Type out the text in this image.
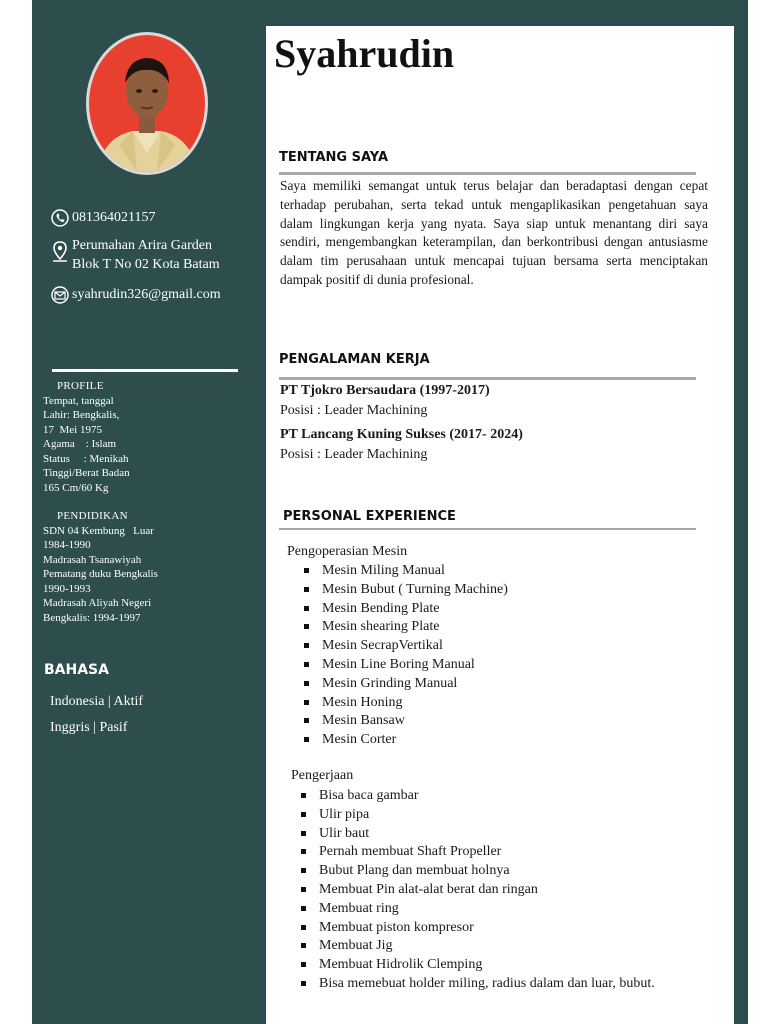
081364021157
Perumahan Arira Garden
Blok T No 02 Kota Batam
syahrudin326@gmail.com
PROFILE
Tempat, tanggal
Lahir: Bengkalis,
17  Mei 1975
Agama    : Islam
Status     : Menikah
Tinggi/Berat Badan
165 Cm/60 Kg
PENDIDIKAN
SDN 04 Kembung   Luar
1984-1990
Madrasah Tsanawiyah
Pematang duku Bengkalis
1990-1993
Madrasah Aliyah Negeri
Bengkalis: 1994-1997
BAHASA
Indonesia | Aktif
Inggris | Pasif
Syahrudin
TENTANG SAYA

Saya memiliki semangat untuk terus belajar dan beradaptasi dengan cepat terhadap perubahan, serta tekad untuk mengaplikasikan pengetahuan saya dalam lingkungan kerja yang nyata. Saya siap untuk menantang diri saya sendiri, mengembangkan keterampilan, dan berkontribusi dengan antusiasme dalam tim perusahaan untuk mencapai tujuan bersama serta menciptakan dampak positif di dunia profesional.

PENGALAMAN KERJA
PT Tjokro Bersaudara (1997-2017)
Posisi : Leader Machining
PT Lancang Kuning Sukses (2017- 2024)
Posisi : Leader Machining
PERSONAL EXPERIENCE
Pengoperasian Mesin
Mesin Miling Manual
Mesin Bubut ( Turning Machine)
Mesin Bending Plate
Mesin shearing Plate
Mesin SecrapVertikal
Mesin Line Boring Manual
Mesin Grinding Manual
Mesin Honing
Mesin Bansaw
Mesin Corter
Pengerjaan
Bisa baca gambar
Ulir pipa
Ulir baut
Pernah membuat Shaft Propeller
Bubut Plang dan membuat holnya
Membuat Pin alat-alat berat dan ringan
Membuat ring
Membuat piston kompresor
Membuat Jig
Membuat Hidrolik Clemping
Bisa memebuat holder miling, radius dalam dan luar, bubut.
